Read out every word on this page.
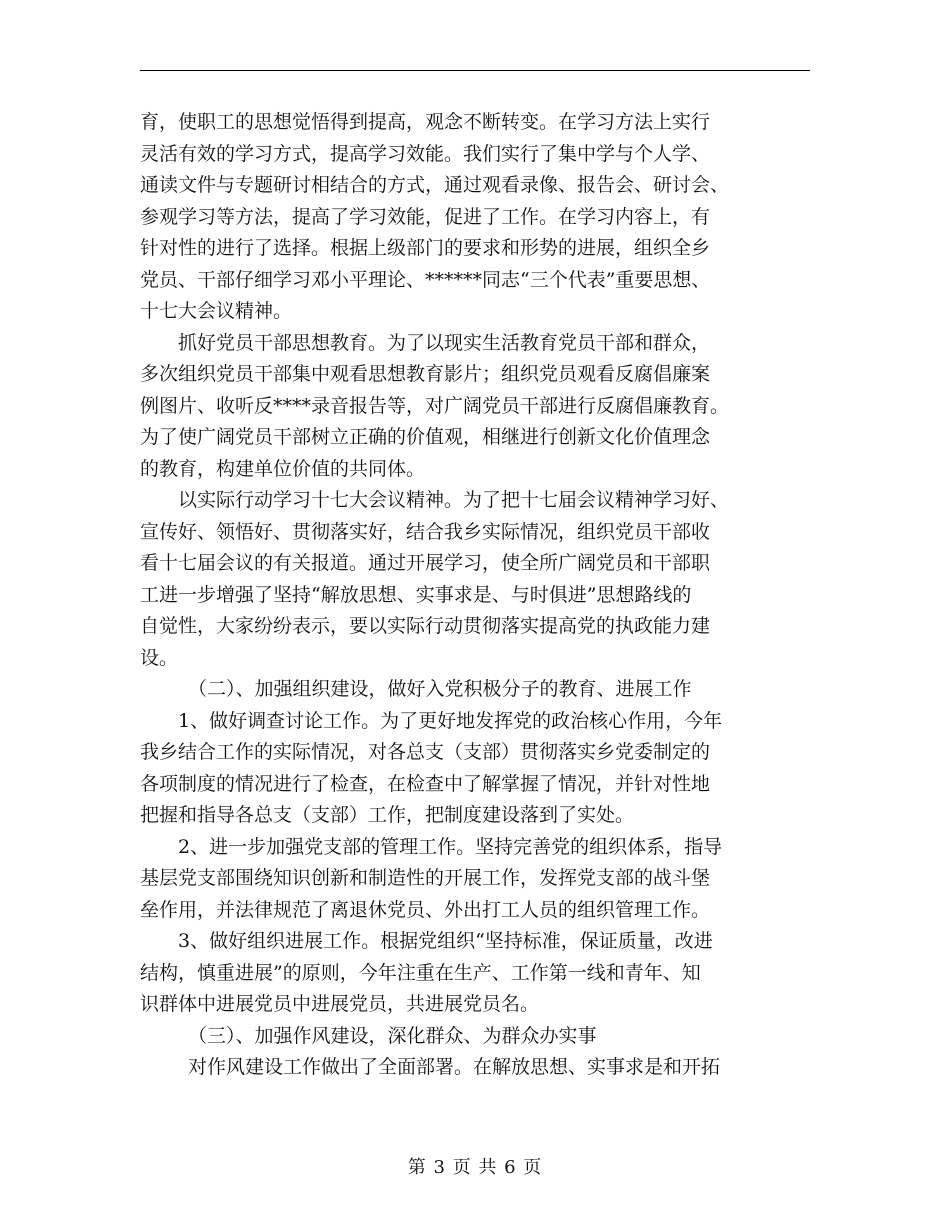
育，使职工的思想觉悟得到提高，观念不断转变。在学习方法上实行
灵活有效的学习方式，提高学习效能。我们实行了集中学与个人学、
通读文件与专题研讨相结合的方式，通过观看录像、报告会、研讨会、
参观学习等方法，提高了学习效能，促进了工作。在学习内容上，有
针对性的进行了选择。根据上级部门的要求和形势的进展，组织全乡
党员、干部仔细学习邓小平理论、******同志“三个代表”重要思想、
十七大会议精神。
抓好党员干部思想教育。为了以现实生活教育党员干部和群众，
多次组织党员干部集中观看思想教育影片；组织党员观看反腐倡廉案
例图片、收听反****录音报告等，对广阔党员干部进行反腐倡廉教育。
为了使广阔党员干部树立正确的价值观，相继进行创新文化价值理念
的教育，构建单位价值的共同体。
以实际行动学习十七大会议精神。为了把十七届会议精神学习好、
宣传好、领悟好、贯彻落实好，结合我乡实际情况，组织党员干部收
看十七届会议的有关报道。通过开展学习，使全所广阔党员和干部职
工进一步增强了坚持“解放思想、实事求是、与时俱进”思想路线的
自觉性，大家纷纷表示，要以实际行动贯彻落实提高党的执政能力建
设。
（二）、加强组织建设，做好入党积极分子的教育、进展工作
1、做好调查讨论工作。为了更好地发挥党的政治核心作用，今年
我乡结合工作的实际情况，对各总支（支部）贯彻落实乡党委制定的
各项制度的情况进行了检查，在检查中了解掌握了情况，并针对性地
把握和指导各总支（支部）工作，把制度建设落到了实处。
2、进一步加强党支部的管理工作。坚持完善党的组织体系，指导
基层党支部围绕知识创新和制造性的开展工作，发挥党支部的战斗堡
垒作用，并法律规范了离退休党员、外出打工人员的组织管理工作。
3、做好组织进展工作。根据党组织“坚持标准，保证质量，改进
结构，慎重进展”的原则，今年注重在生产、工作第一线和青年、知
识群体中进展党员中进展党员，共进展党员名。
（三）、加强作风建设，深化群众、为群众办实事
对作风建设工作做出了全面部署。在解放思想、实事求是和开拓
第 3 页 共 6 页
